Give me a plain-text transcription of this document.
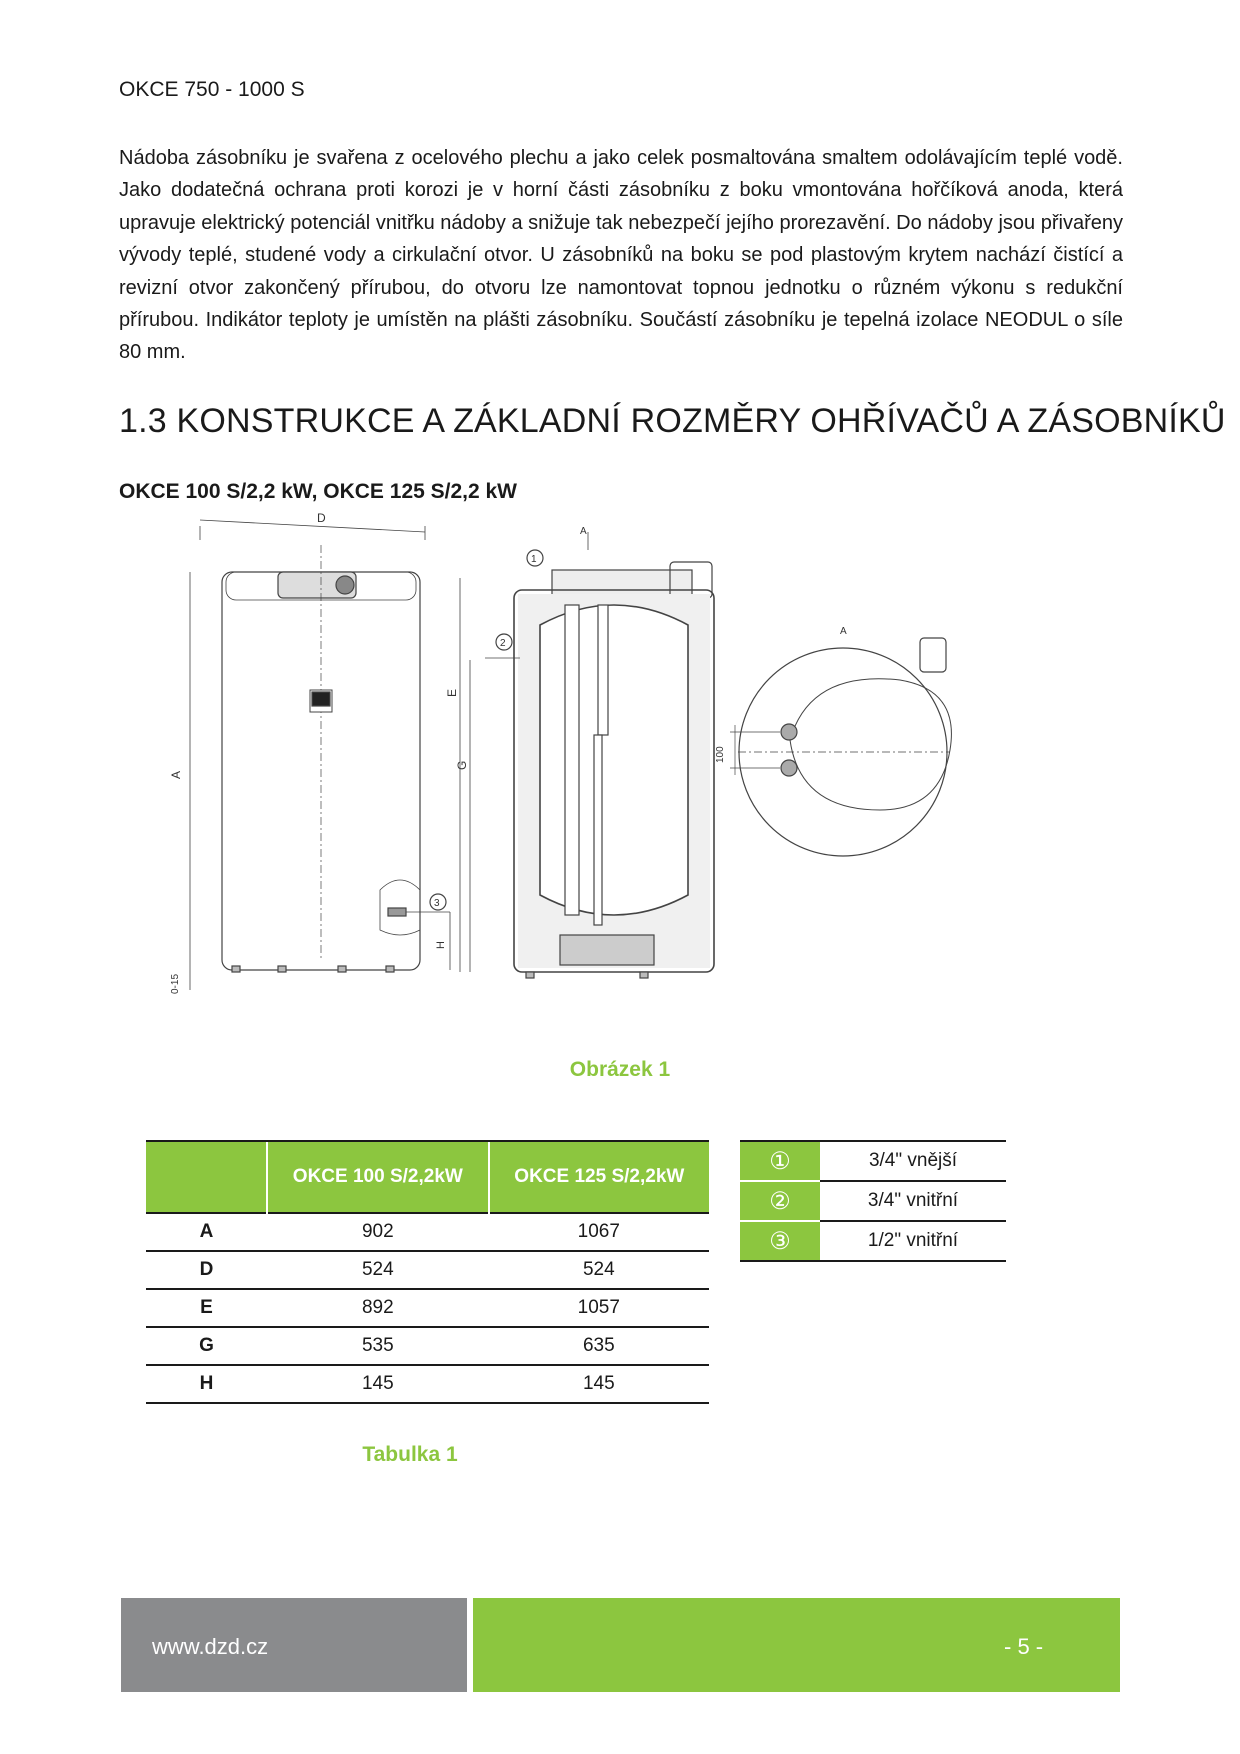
OKCE 750 - 1000 S
Nádoba zásobníku je svařena z ocelového plechu a jako celek posmaltována smaltem odolávajícím teplé vodě. Jako dodatečná ochrana proti korozi je v horní části zásobníku z boku vmontována hořčíková anoda, která upravuje elektrický potenciál vnitřku nádoby a snižuje tak nebezpečí jejího prorezavění. Do nádoby jsou přivařeny vývody teplé, studené vody a cirkulační otvor. U zásobníků na boku se pod plastovým krytem nachází čistící a revizní otvor zakončený přírubou, do otvoru lze namontovat topnou jednotku o různém výkonu s redukční přírubou. Indikátor teploty je umístěn na plášti zásobníku. Součástí zásobníku je tepelná izolace NEODUL o síle 80 mm.
1.3 KONSTRUKCE A ZÁKLADNÍ ROZMĚRY OHŘÍVAČŮ A ZÁSOBNÍKŮ
OKCE 100 S/2,2 kW, OKCE 125 S/2,2 kW
D
A
0-15
3
H
A
1
2
E
G
A
100
Obrázek 1
	OKCE 100 S/2,2kW	OKCE 125 S/2,2kW
A	902	1067
D	524	524
E	892	1057
G	535	635
H	145	145
①	3/4" vnější
②	3/4" vnitřní
③	1/2" vnitřní
Tabulka 1
www.dzd.cz	- 5 -
